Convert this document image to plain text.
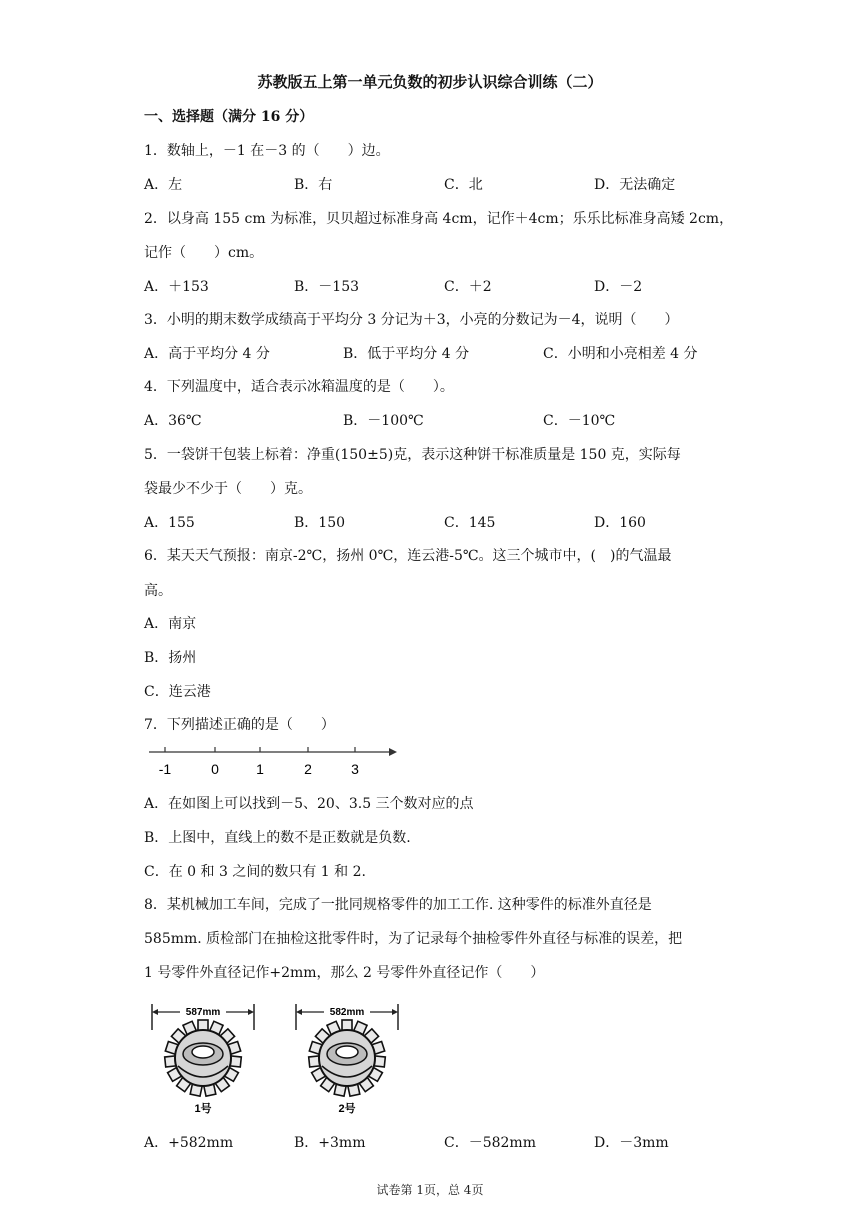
苏教版五上第一单元负数的初步认识综合训练（二）
一、选择题（满分 16 分）
1．数轴上，－1 在－3 的（　　）边。
A．左	B．右	C．北	D．无法确定
2．以身高 155 cm 为标准，贝贝超过标准身高 4cm，记作＋4cm；乐乐比标准身高矮 2cm，
记作（　　）cm。
A．＋153	B．－153	C．＋2	D．－2
3．小明的期末数学成绩高于平均分 3 分记为＋3，小亮的分数记为－4，说明（　　）
A．高于平均分 4 分	B．低于平均分 4 分	C．小明和小亮相差 4 分
4．下列温度中，适合表示冰箱温度的是（　　）。
A．36℃	B．－100℃	C．－10℃
5．一袋饼干包装上标着：净重(150±5)克，表示这种饼干标准质量是 150 克，实际每
袋最少不少于（　　）克。
A．155	B．150	C．145	D．160
6．某天天气预报：南京-2℃，扬州 0℃，连云港-5℃。这三个城市中，(　)的气温最
高。
A．南京
B．扬州
C．连云港
7．下列描述正确的是（　　）
-1	0	1	2	3
A．在如图上可以找到－5、20、3.5 三个数对应的点
B．上图中，直线上的数不是正数就是负数.
C．在 0 和 3 之间的数只有 1 和 2.
8．某机械加工车间，完成了一批同规格零件的加工工作. 这种零件的标准外直径是
585mm. 质检部门在抽检这批零件时，为了记录每个抽检零件外直径与标准的误差，把
1 号零件外直径记作+2mm，那么 2 号零件外直径记作（　　）
587mm
1号
582mm
2号
A．+582mm	B．+3mm	C．－582mm	D．－3mm
试卷第 1页，总 4页
